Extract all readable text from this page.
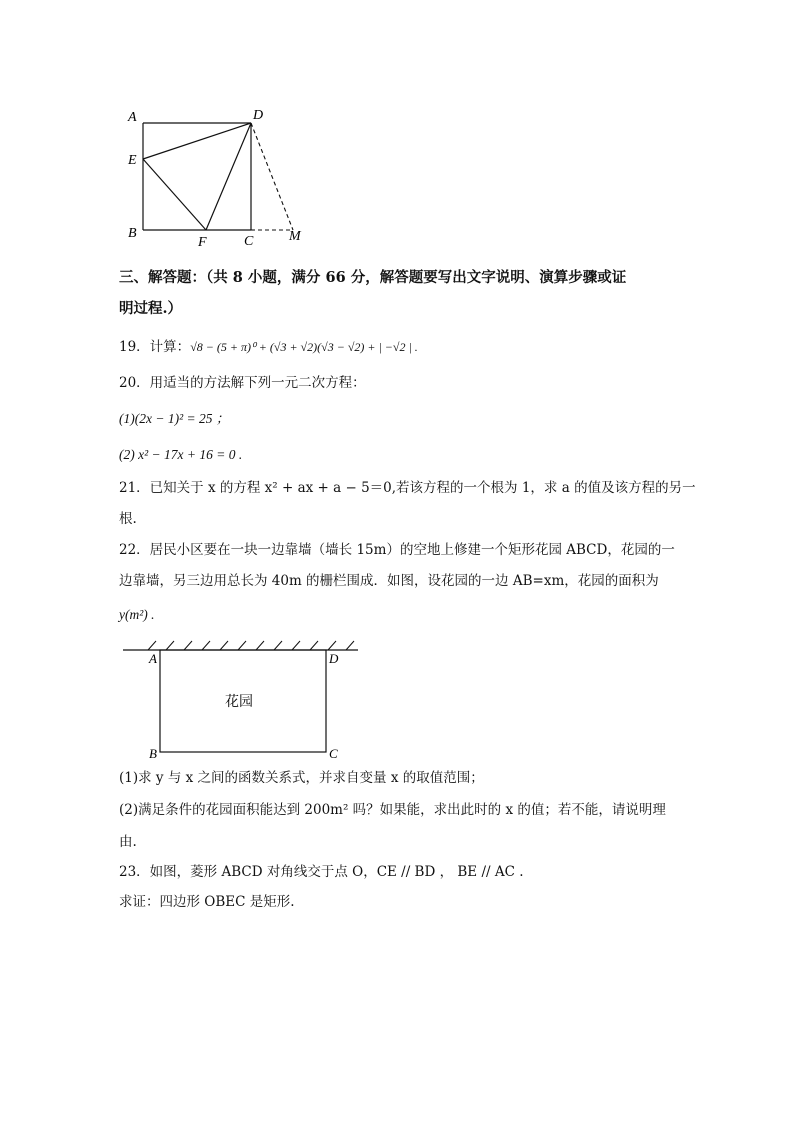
A	D
E
B
F	C	M
三、解答题：（共 8 小题，满分 66 分，解答题要写出文字说明、演算步骤或证
明过程.）
19．计算：√8 − (5 + π)⁰ + (√3 + √2)(√3 − √2) + | −√2 | .
20．用适当的方法解下列一元二次方程：
(1)(2x − 1)² = 25 ；
(2) x² − 17x + 16 = 0 .
21．已知关于 x 的方程 x² + ax + a − 5＝0,若该方程的一个根为 1，求 a 的值及该方程的另一
根.
22．居民小区要在一块一边靠墙（墙长 15m）的空地上修建一个矩形花园 ABCD，花园的一
边靠墙，另三边用总长为 40m 的栅栏围成．如图，设花园的一边 AB=xm，花园的面积为
y(m²) .
花园
A	D
B	C
(1)求 y 与 x 之间的函数关系式，并求自变量 x 的取值范围；
(2)满足条件的花园面积能达到 200m² 吗？如果能，求出此时的 x 的值；若不能，请说明理
由.
23．如图，菱形 ABCD 对角线交于点 O，CE // BD ， BE // AC .
求证：四边形 OBEC 是矩形.
